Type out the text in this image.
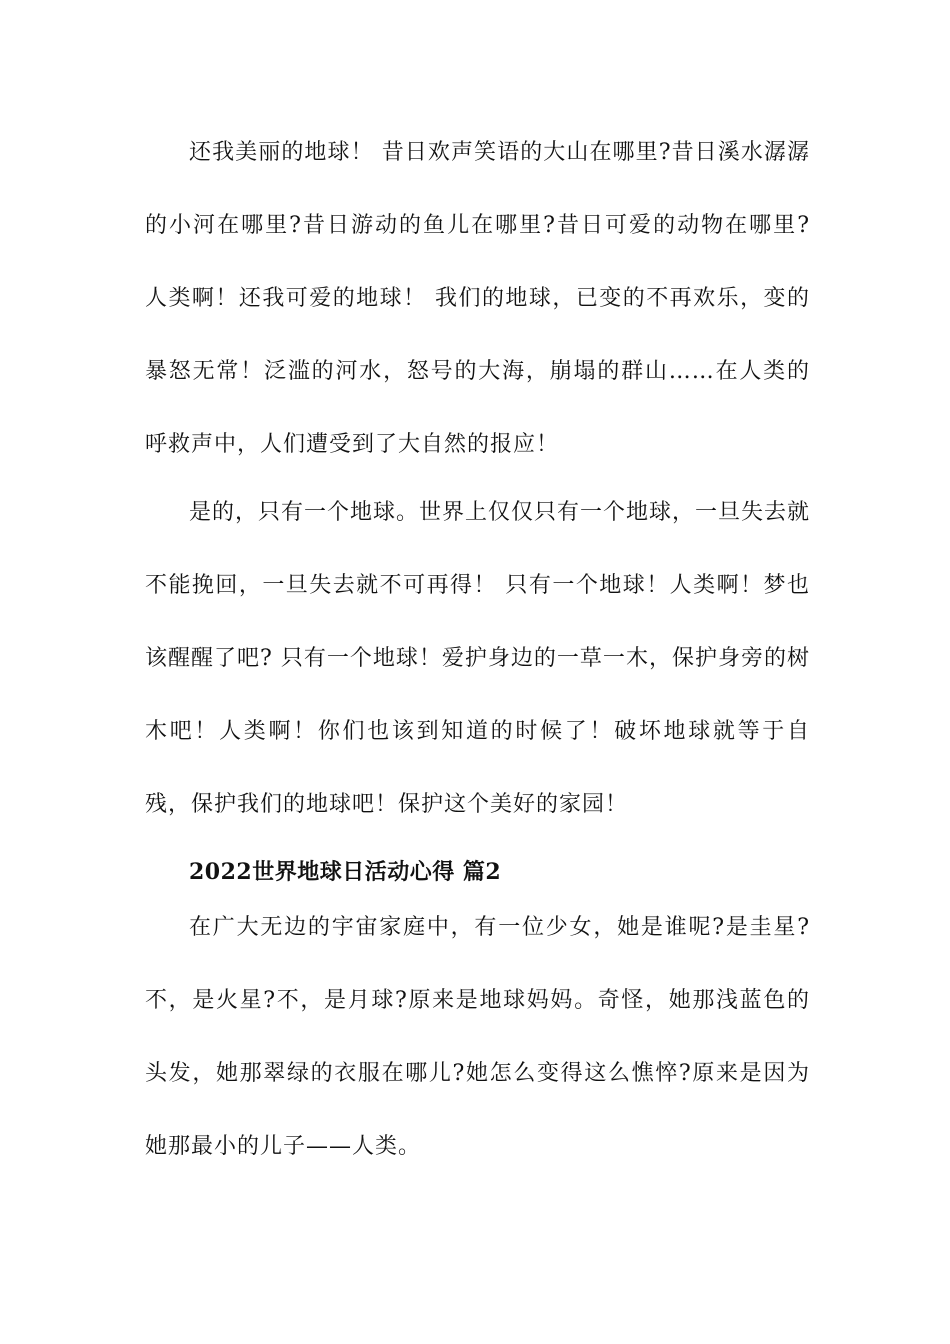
还我美丽的地球！ 昔日欢声笑语的大山在哪里?昔日溪水潺潺的小河在哪里?昔日游动的鱼儿在哪里?昔日可爱的动物在哪里? 人类啊！还我可爱的地球！ 我们的地球，已变的不再欢乐，变的暴怒无常！泛滥的河水，怒号的大海，崩塌的群山……在人类的呼救声中，人们遭受到了大自然的报应！

是的，只有一个地球。世界上仅仅只有一个地球，一旦失去就不能挽回，一旦失去就不可再得！ 只有一个地球！人类啊！梦也该醒醒了吧? 只有一个地球！爱护身边的一草一木，保护身旁的树木吧！人类啊！你们也该到知道的时候了！破坏地球就等于自残，保护我们的地球吧！保护这个美好的家园！

2022世界地球日活动心得 篇2

在广大无边的宇宙家庭中，有一位少女，她是谁呢?是圭星?不，是火星?不，是月球?原来是地球妈妈。奇怪，她那浅蓝色的头发，她那翠绿的衣服在哪儿?她怎么变得这么憔悴?原来是因为她那最小的儿子——人类。
